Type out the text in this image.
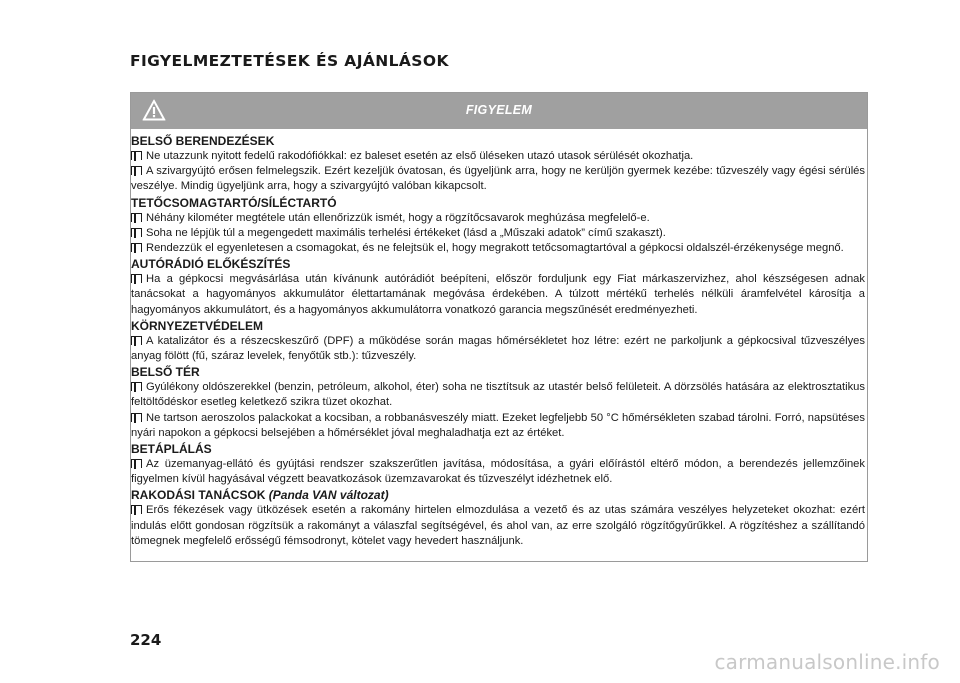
FIGYELMEZTETÉSEK ÉS AJÁNLÁSOK
FIGYELEM
BELSŐ BERENDEZÉSEK
Ne utazzunk nyitott fedelű rakodófiókkal: ez baleset esetén az első üléseken utazó utasok sérülését okozhatja.
A szivargyújtó erősen felmelegszik. Ezért kezeljük óvatosan, és ügyeljünk arra, hogy ne kerüljön gyermek kezébe: tűzveszély vagy égési sérülés veszélye. Mindig ügyeljünk arra, hogy a szivargyújtó valóban kikapcsolt.
TETŐCSOMAGTARTÓ/SÍLÉCTARTÓ
Néhány kilométer megtétele után ellenőrizzük ismét, hogy a rögzítőcsavarok meghúzása megfelelő-e.
Soha ne lépjük túl a megengedett maximális terhelési értékeket (lásd a „Műszaki adatok” című szakaszt).
Rendezzük el egyenletesen a csomagokat, és ne felejtsük el, hogy megrakott tetőcsomagtartóval a gépkocsi oldalszél-érzékenysége megnő.
AUTÓRÁDIÓ ELŐKÉSZÍTÉS
Ha a gépkocsi megvásárlása után kívánunk autórádiót beépíteni, először forduljunk egy Fiat márkaszervizhez, ahol készségesen adnak tanácsokat a hagyományos akkumulátor élettartamának megóvása érdekében. A túlzott mértékű terhelés nélküli áramfelvétel károsítja a hagyományos akkumulátort, és a hagyományos akkumulátorra vonatkozó garancia megszűnését eredményezheti.
KÖRNYEZETVÉDELEM
A katalizátor és a részecskeszűrő (DPF) a működése során magas hőmérsékletet hoz létre: ezért ne parkoljunk a gépkocsival tűzveszélyes anyag fölött (fű, száraz levelek, fenyőtűk stb.): tűzveszély.
BELSŐ TÉR
Gyúlékony oldószerekkel (benzin, petróleum, alkohol, éter) soha ne tisztítsuk az utastér belső felületeit. A dörzsölés hatására az elektrosztatikus feltöltődéskor esetleg keletkező szikra tüzet okozhat.
Ne tartson aeroszolos palackokat a kocsiban, a robbanásveszély miatt. Ezeket legfeljebb 50 °C hőmérsékleten szabad tárolni. Forró, napsütéses nyári napokon a gépkocsi belsejében a hőmérséklet jóval meghaladhatja ezt az értéket.
BETÁPLÁLÁS
Az üzemanyag-ellátó és gyújtási rendszer szakszerűtlen javítása, módosítása, a gyári előírástól eltérő módon, a berendezés jellemzőinek figyelmen kívül hagyásával végzett beavatkozások üzemzavarokat és tűzveszélyt idézhetnek elő.
RAKODÁSI TANÁCSOK (Panda VAN változat)
Erős fékezések vagy ütközések esetén a rakomány hirtelen elmozdulása a vezető és az utas számára veszélyes helyzeteket okozhat: ezért indulás előtt gondosan rögzítsük a rakományt a válaszfal segítségével, és ahol van, az erre szolgáló rögzítőgyűrűkkel. A rögzítéshez a szállítandó tömegnek megfelelő erősségű fémsodronyt, kötelet vagy hevedert használjunk.
224
carmanualsonline.info
